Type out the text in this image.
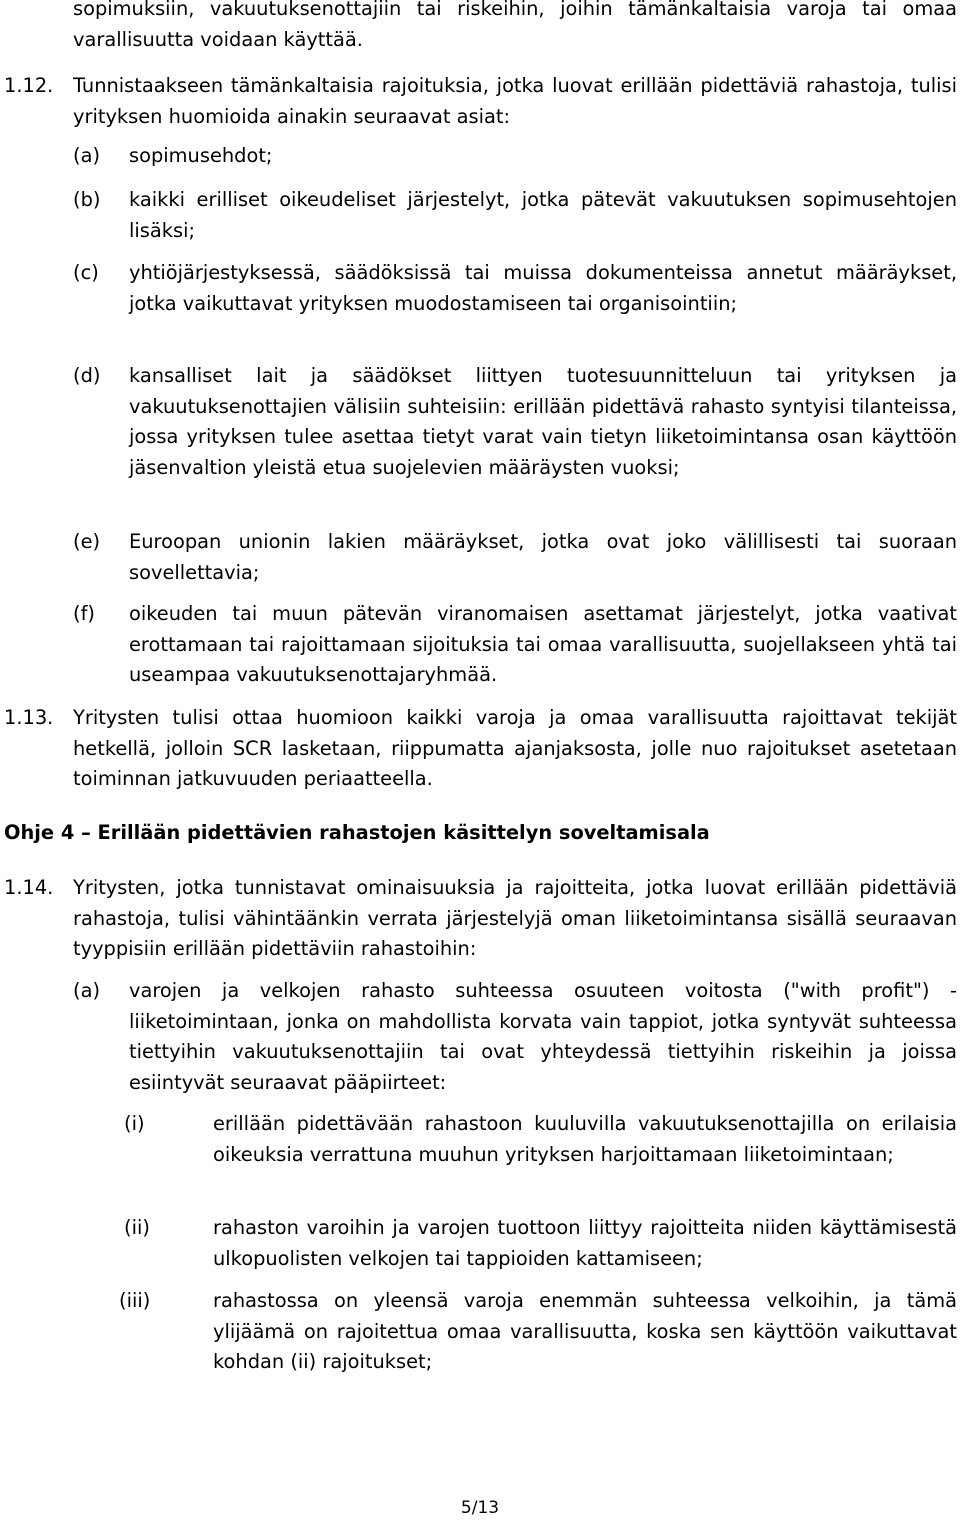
sopimuksiin, vakuutuksenottajiin tai riskeihin, joihin tämänkaltaisia varoja tai omaa varallisuutta voidaan käyttää.
1.12. Tunnistaakseen tämänkaltaisia rajoituksia, jotka luovat erillään pidettäviä rahastoja, tulisi yrityksen huomioida ainakin seuraavat asiat:
(a) sopimusehdot;
(b) kaikki erilliset oikeudeliset järjestelyt, jotka pätevät vakuutuksen sopimusehtojen lisäksi;
(c) yhtiöjärjestyksessä, säädöksissä tai muissa dokumenteissa annetut määräykset, jotka vaikuttavat yrityksen muodostamiseen tai organisointiin;
(d) kansalliset lait ja säädökset liittyen tuotesuunnitteluun tai yrityksen ja vakuutuksenottajien välisiin suhteisiin: erillään pidettävä rahasto syntyisi tilanteissa, jossa yrityksen tulee asettaa tietyt varat vain tietyn liiketoimintansa osan käyttöön jäsenvaltion yleistä etua suojelevien määräysten vuoksi;
(e) Euroopan unionin lakien määräykset, jotka ovat joko välillisesti tai suoraan sovellettavia;
(f) oikeuden tai muun pätevän viranomaisen asettamat järjestelyt, jotka vaativat erottamaan tai rajoittamaan sijoituksia tai omaa varallisuutta, suojellakseen yhtä tai useampaa vakuutuksenottajaryhmää.
1.13. Yritysten tulisi ottaa huomioon kaikki varoja ja omaa varallisuutta rajoittavat tekijät hetkellä, jolloin SCR lasketaan, riippumatta ajanjaksosta, jolle nuo rajoitukset asetetaan toiminnan jatkuvuuden periaatteella.
Ohje 4 – Erillään pidettävien rahastojen käsittelyn soveltamisala
1.14. Yritysten, jotka tunnistavat ominaisuuksia ja rajoitteita, jotka luovat erillään pidettäviä rahastoja, tulisi vähintäänkin verrata järjestelyjä oman liiketoimintansa sisällä seuraavan tyyppisiin erillään pidettäviin rahastoihin:
(a) varojen ja velkojen rahasto suhteessa osuuteen voitosta ("with profit") -liiketoimintaan, jonka on mahdollista korvata vain tappiot, jotka syntyvät suhteessa tiettyihin vakuutuksenottajiin tai ovat yhteydessä tiettyihin riskeihin ja joissa esiintyvät seuraavat pääpiirteet:
(i)	erillään pidettävään rahastoon kuuluvilla vakuutuksenottajilla on erilaisia oikeuksia verrattuna muuhun yrityksen harjoittamaan liiketoimintaan;
(ii)	rahaston varoihin ja varojen tuottoon liittyy rajoitteita niiden käyttämisestä ulkopuolisten velkojen tai tappioiden kattamiseen;
(iii)	rahastossa on yleensä varoja enemmän suhteessa velkoihin, ja tämä ylijäämä on rajoitettua omaa varallisuutta, koska sen käyttöön vaikuttavat kohdan (ii) rajoitukset;
5/13
